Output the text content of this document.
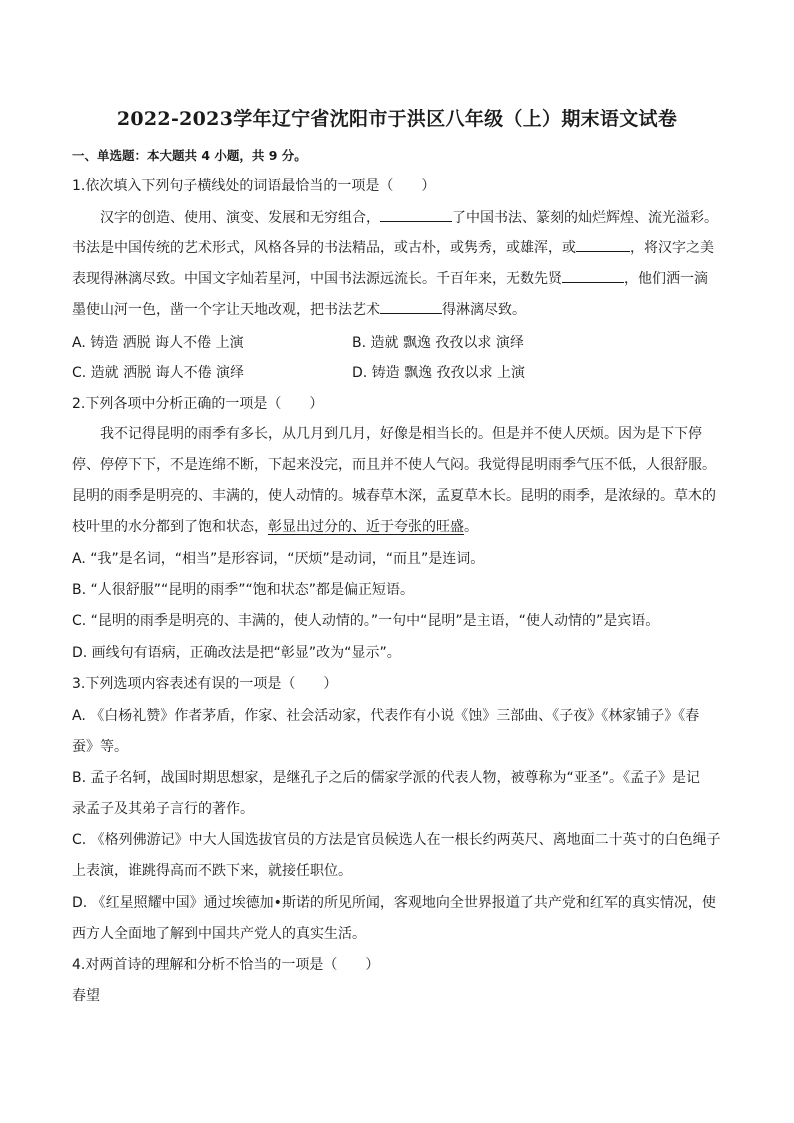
2022-2023学年辽宁省沈阳市于洪区八年级（上）期末语文试卷
一、单选题：本大题共 4 小题，共 9 分。
1.依次填入下列句子横线处的词语最恰当的一项是（　　）
汉字的创造、使用、演变、发展和无穷组合，	了中国书法、篆刻的灿烂辉煌、流光溢彩。
书法是中国传统的艺术形式，风格各异的书法精品，或古朴，或隽秀，或雄浑，或	，将汉字之美
表现得淋漓尽致。中国文字灿若星河，中国书法源远流长。千百年来，无数先贤	，他们洒一滴
墨使山河一色，凿一个字让天地改观，把书法艺术	得淋漓尽致。
A. 铸造 洒脱 诲人不倦 上演	B. 造就 飘逸 孜孜以求 演绎
C. 造就 洒脱 诲人不倦 演绎	D. 铸造 飘逸 孜孜以求 上演
2.下列各项中分析正确的一项是（　　）
我不记得昆明的雨季有多长，从几月到几月，好像是相当长的。但是并不使人厌烦。因为是下下停
停、停停下下，不是连绵不断，下起来没完，而且并不使人气闷。我觉得昆明雨季气压不低，人很舒服。
昆明的雨季是明亮的、丰满的，使人动情的。城春草木深，孟夏草木长。昆明的雨季，是浓绿的。草木的
枝叶里的水分都到了饱和状态，彰显出过分的、近于夸张的旺盛。
A. “我”是名词，“相当”是形容词，“厌烦”是动词，“而且”是连词。
B. “人很舒服”“昆明的雨季”“饱和状态”都是偏正短语。
C. “昆明的雨季是明亮的、丰满的，使人动情的。”一句中“昆明”是主语，“使人动情的”是宾语。
D. 画线句有语病，正确改法是把“彰显”改为“显示”。
3.下列选项内容表述有误的一项是（　　）
A. 《白杨礼赞》作者茅盾，作家、社会活动家，代表作有小说《蚀》三部曲、《子夜》《林家铺子》《春
蚕》等。
B. 孟子名轲，战国时期思想家，是继孔子之后的儒家学派的代表人物，被尊称为“亚圣”。《孟子》是记
录孟子及其弟子言行的著作。
C. 《格列佛游记》中大人国选拔官员的方法是官员候选人在一根长约两英尺、离地面二十英寸的白色绳子
上表演，谁跳得高而不跌下来，就接任职位。
D. 《红星照耀中国》通过埃德加•斯诺的所见所闻，客观地向全世界报道了共产党和红军的真实情况，使
西方人全面地了解到中国共产党人的真实生活。
4.对两首诗的理解和分析不恰当的一项是（　　）
春望
